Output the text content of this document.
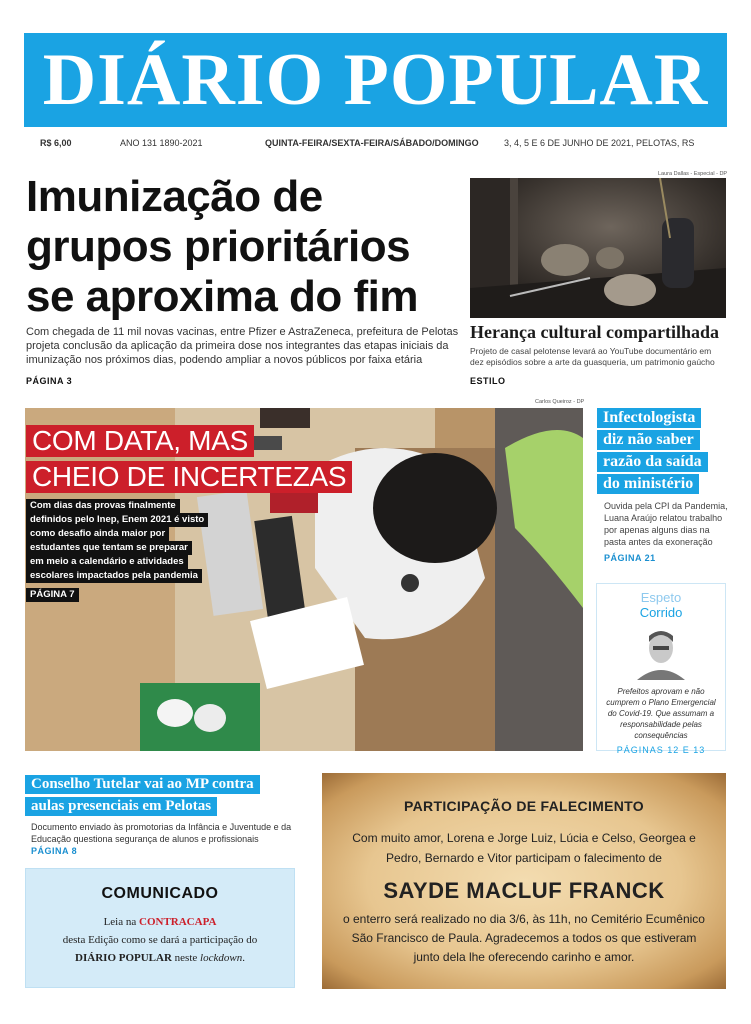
DIÁRIO POPULAR
R$ 6,00	ANO 131 1890-2021	QUINTA-FEIRA/SEXTA-FEIRA/SÁBADO/DOMINGO	3, 4, 5 E 6 DE JUNHO DE 2021, PELOTAS, RS
Imunização de
grupos prioritários
se aproxima do fim
Com chegada de 11 mil novas vacinas, entre Pfizer e AstraZeneca, prefeitura de Pelotas projeta conclusão da aplicação da primeira dose nos integrantes das etapas iniciais da imunização nos próximos dias, podendo ampliar a novos públicos por faixa etária
PÁGINA 3
Laura Dallas - Especial - DP
Herança cultural compartilhada
Projeto de casal pelotense levará ao YouTube documentário em dez episódios sobre a arte da guasqueria, um patrimonio gaúcho
ESTILO
Carlos Queiroz - DP
COM DATA, MAS
CHEIO DE INCERTEZAS
Com dias das provas finalmente
definidos pelo Inep, Enem 2021 é visto
como desafio ainda maior por
estudantes que tentam se preparar
em meio a calendário e atividades
escolares impactados pela pandemia
PÁGINA 7
Infectologista
diz não saber
razão da saída
do ministério
Ouvida pela CPI da Pandemia, Luana Araújo relatou trabalho por apenas alguns dias na pasta antes da exoneração
PÁGINA 21
Espeto
Corrido
Prefeitos aprovam e não cumprem o Plano Emergencial do Covid-19. Que assumam a responsabilidade pelas consequências
PÁGINAS 12 E 13
Conselho Tutelar vai ao MP contra
aulas presenciais em Pelotas
Documento enviado às promotorias da Infância e Juventude e da Educação questiona segurança de alunos e profissionais
PÁGINA 8
COMUNICADO
Leia na CONTRACAPA
desta Edição como se dará a participação do
DIÁRIO POPULAR neste lockdown.
PARTICIPAÇÃO DE FALECIMENTO
Com muito amor, Lorena e Jorge Luiz, Lúcia e Celso, Georgea e Pedro, Bernardo e Vitor participam o falecimento de
SAYDE MACLUF FRANCK
o enterro será realizado no dia 3/6, às 11h, no Cemitério Ecumênico São Francisco de Paula. Agradecemos a todos os que estiveram junto dela lhe oferecendo carinho e amor.
